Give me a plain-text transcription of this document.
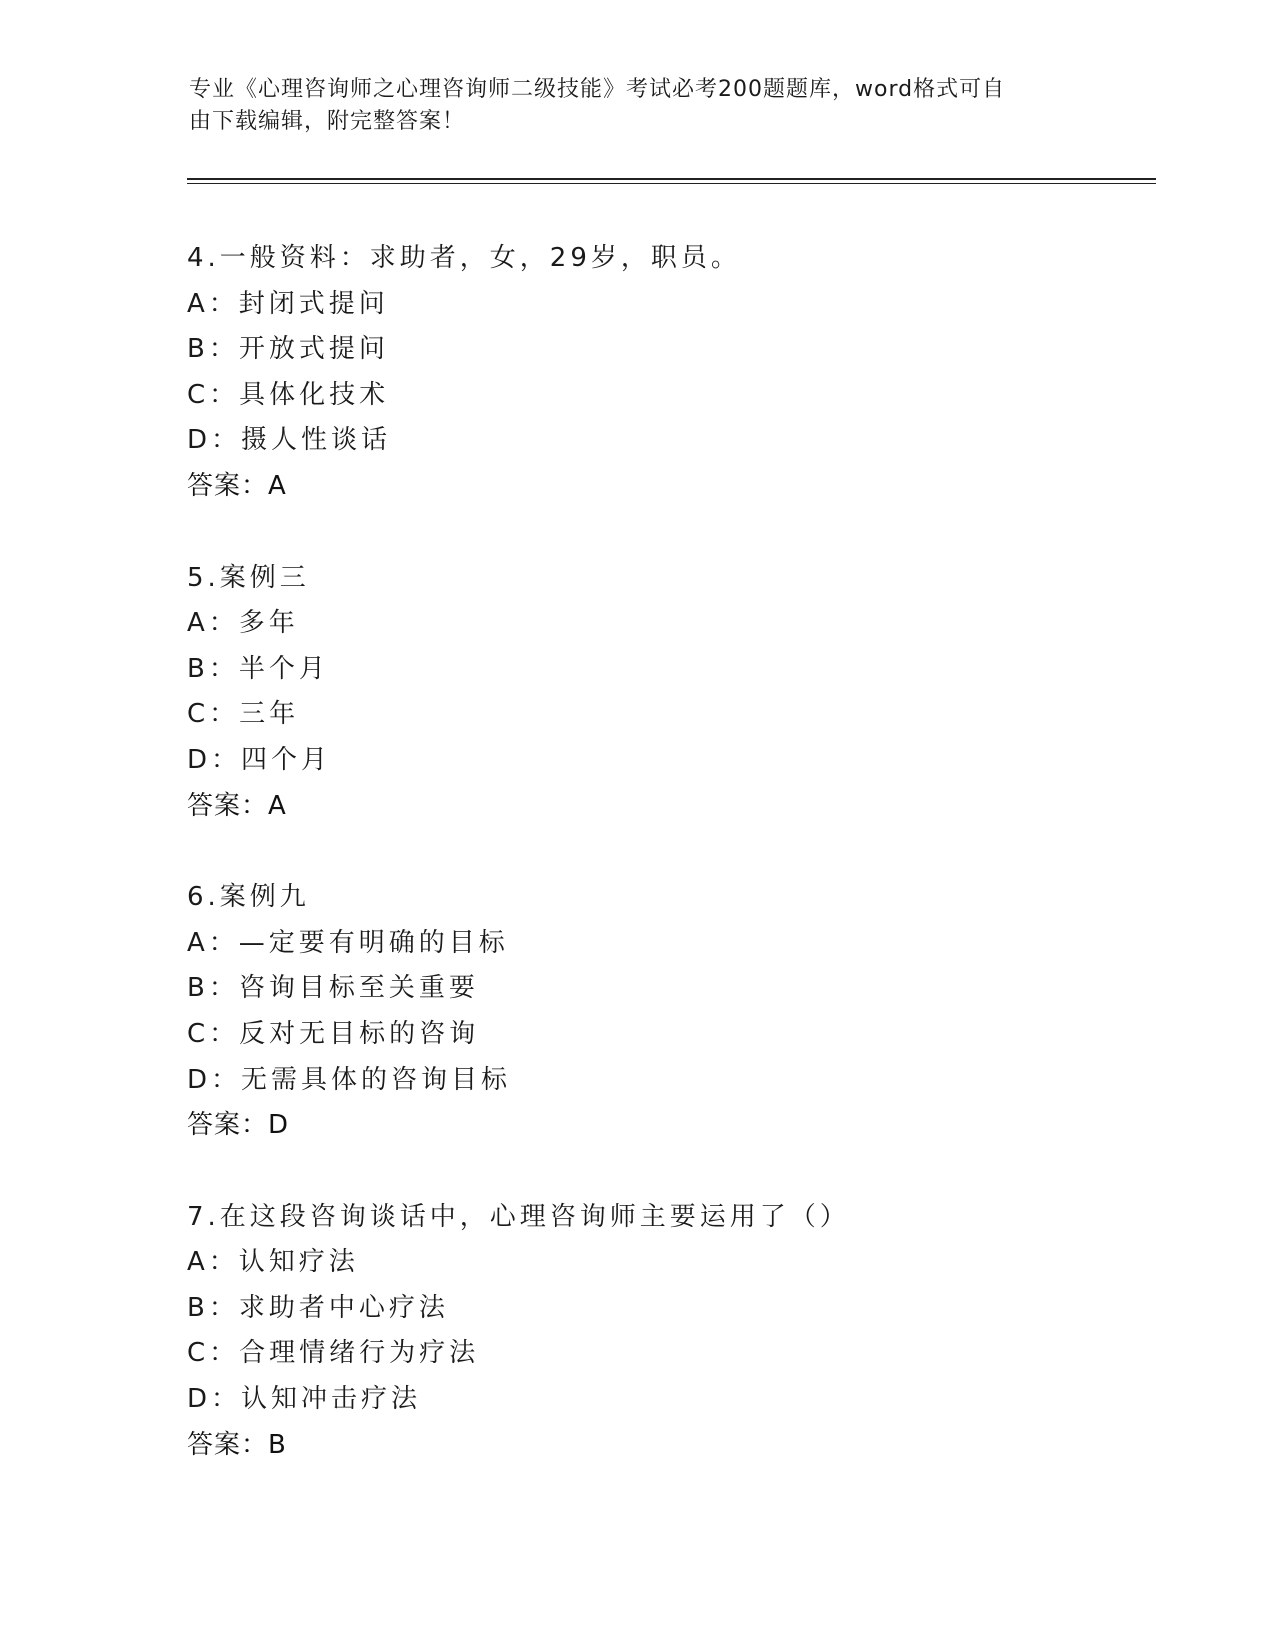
专业《心理咨询师之心理咨询师二级技能》考试必考200题题库，word格式可自
由下载编辑，附完整答案！
4.一般资料：求助者，女，29岁，职员。
A：封闭式提问
B：开放式提问
C：具体化技术
D：摄人性谈话
答案：A
5.案例三
A：多年
B：半个月
C：三年
D：四个月
答案：A
6.案例九
A：—定要有明确的目标
B：咨询目标至关重要
C：反对无目标的咨询
D：无需具体的咨询目标
答案：D
7.在这段咨询谈话中，心理咨询师主要运用了（）
A：认知疗法
B：求助者中心疗法
C：合理情绪行为疗法
D：认知冲击疗法
答案：B
